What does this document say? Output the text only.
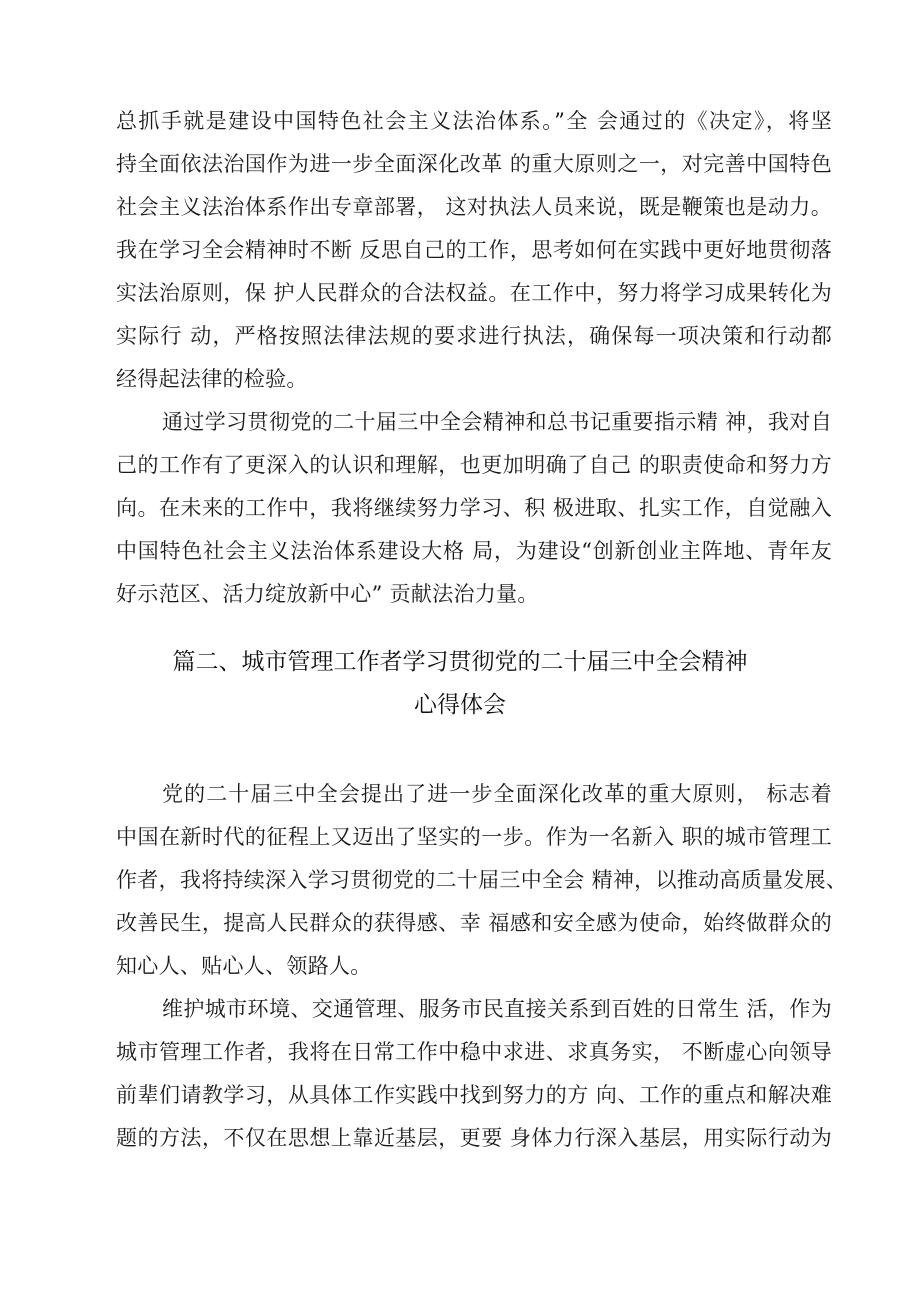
总抓手就是建设中国特色社会主义法治体系。”全 会通过的《决定》，将坚
持全面依法治国作为进一步全面深化改革 的重大原则之一，对完善中国特色
社会主义法治体系作出专章部署， 这对执法人员来说，既是鞭策也是动力。
我在学习全会精神时不断 反思自己的工作，思考如何在实践中更好地贯彻落
实法治原则，保 护人民群众的合法权益。在工作中，努力将学习成果转化为
实际行 动，严格按照法律法规的要求进行执法，确保每一项决策和行动都
经得起法律的检验。
通过学习贯彻党的二十届三中全会精神和总书记重要指示精 神，我对自
己的工作有了更深入的认识和理解，也更加明确了自己 的职责使命和努力方
向。在未来的工作中，我将继续努力学习、积 极进取、扎实工作，自觉融入
中国特色社会主义法治体系建设大格 局，为建设“创新创业主阵地、青年友
好示范区、活力绽放新中心” 贡献法治力量。
篇二、城市管理工作者学习贯彻党的二十届三中全会精神
心得体会
党的二十届三中全会提出了进一步全面深化改革的重大原则， 标志着
中国在新时代的征程上又迈出了坚实的一步。作为一名新入 职的城市管理工
作者，我将持续深入学习贯彻党的二十届三中全会 精神，以推动高质量发展、
改善民生，提高人民群众的获得感、幸 福感和安全感为使命，始终做群众的
知心人、贴心人、领路人。
维护城市环境、交通管理、服务市民直接关系到百姓的日常生 活，作为
城市管理工作者，我将在日常工作中稳中求进、求真务实， 不断虚心向领导
前辈们请教学习，从具体工作实践中找到努力的方 向、工作的重点和解决难
题的方法，不仅在思想上靠近基层，更要 身体力行深入基层，用实际行动为
